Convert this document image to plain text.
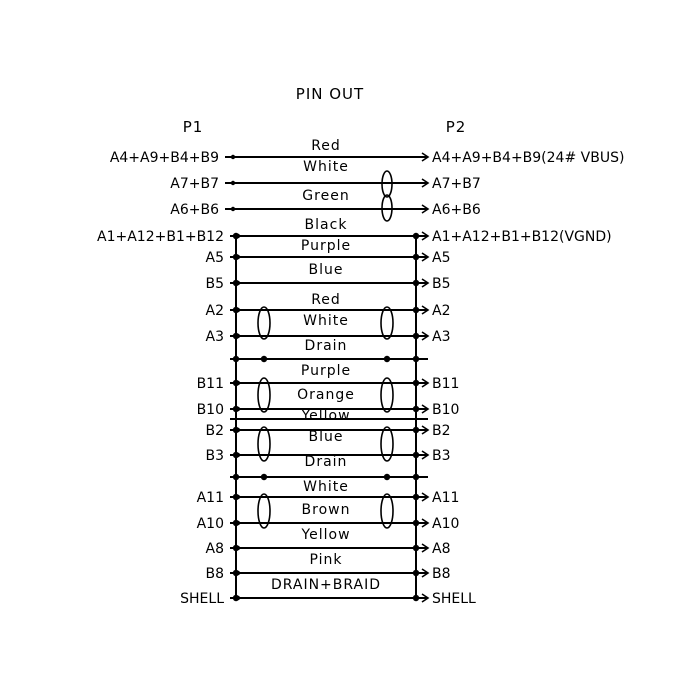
PIN OUT
P1	P2
A4+A9+B4+B9
A7+B7
A6+B6
A1+A12+B1+B12
A5
B5
A2
A3
B11
B10
B2
B3
A11
A10
A8
B8
SHELL
A4+A9+B4+B9(24# VBUS)
A7+B7
A6+B6
A1+A12+B1+B12(VGND)
A5
B5
A2
A3
B11
B10
B2
B3
A11
A10
A8
B8
SHELL
Red
White
Green
Black
Purple
Blue
Red
White
Drain
Purple
Orange
Yellow
Blue
Drain
White
Brown
Yellow
Pink
DRAIN+BRAID
